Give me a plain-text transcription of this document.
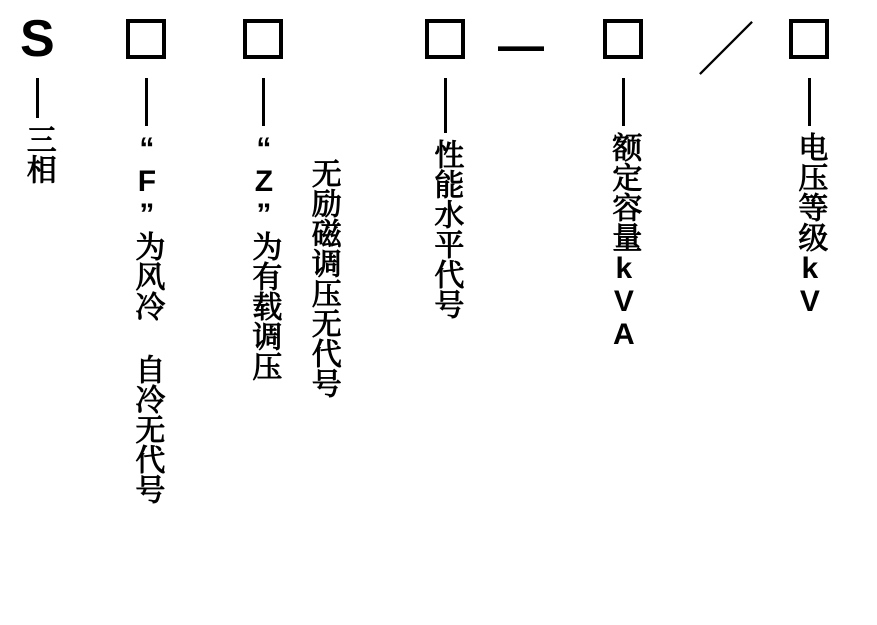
S
三相	“F”为风冷 自冷无代号	“Z”为有载调压 无励磁调压无代号	性能水平代号
—
额定容量kVA
／
电压等级kV
